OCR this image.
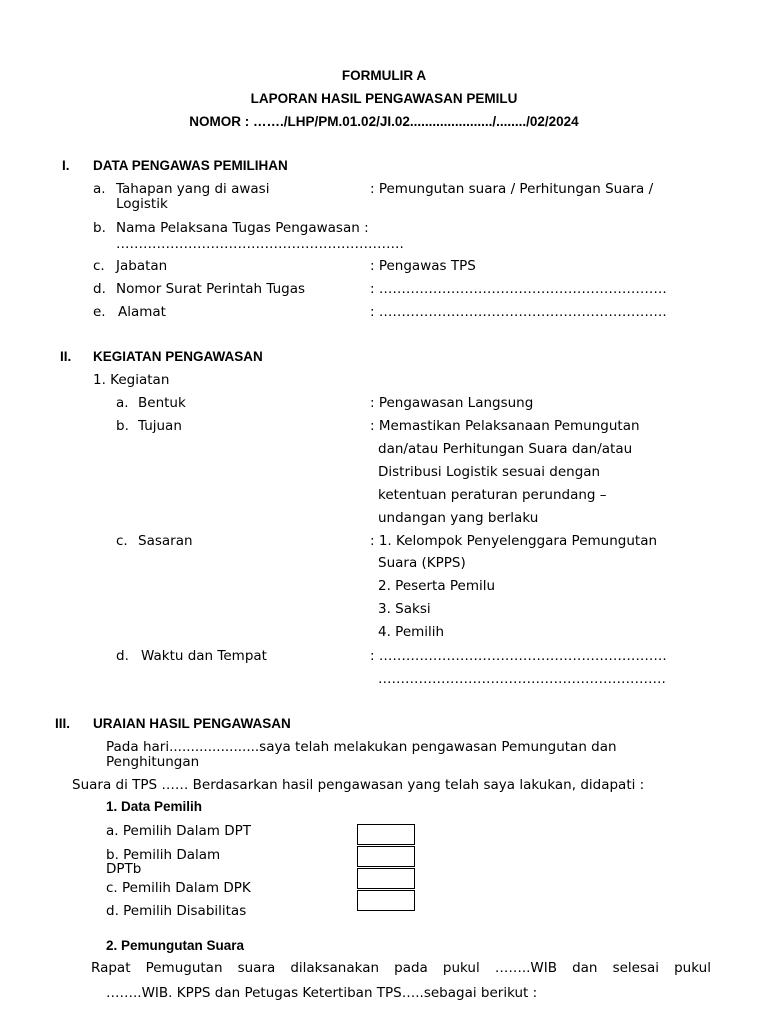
FORMULIR A
LAPORAN HASIL PENGAWASAN PEMILU
NOMOR : ……./LHP/PM.01.02/JI.02....................../......../02/2024
I. DATA PENGAWAS PEMILIHAN
a. Tahapan yang di awasi	: Pemungutan suara / Perhitungan Suara /
Logistik
b. Nama Pelaksana Tugas Pengawasan :
……………………………………………………….
c. Jabatan	: Pengawas TPS
d. Nomor Surat Perintah Tugas	: ……………………………………………………….
e. Alamat	: ……………………………………………………….
II. KEGIATAN PENGAWASAN
1. Kegiatan
a. Bentuk	: Pengawasan Langsung
b. Tujuan	: Memastikan Pelaksanaan Pemungutan
dan/atau Perhitungan Suara dan/atau
Distribusi Logistik sesuai dengan
ketentuan peraturan perundang –
undangan yang berlaku
c. Sasaran	: 1. Kelompok Penyelenggara Pemungutan
Suara (KPPS)
2. Peserta Pemilu
3. Saksi
4. Pemilih
d. Waktu dan Tempat	: ……………………………………………………….
……………………………………………………….
III. URAIAN HASIL PENGAWASAN
Pada hari.....................saya telah melakukan pengawasan Pemungutan dan
Penghitungan
Suara di TPS …… Berdasarkan hasil pengawasan yang telah saya lakukan, didapati :
1. Data Pemilih
a. Pemilih Dalam DPT
b. Pemilih Dalam
DPTb
c. Pemilih Dalam DPK
d. Pemilih Disabilitas
2. Pemungutan Suara
Rapat Pemugutan suara dilaksanakan pada pukul ……..WIB dan selesai pukul
……..WIB. KPPS dan Petugas Ketertiban TPS…..sebagai berikut :
